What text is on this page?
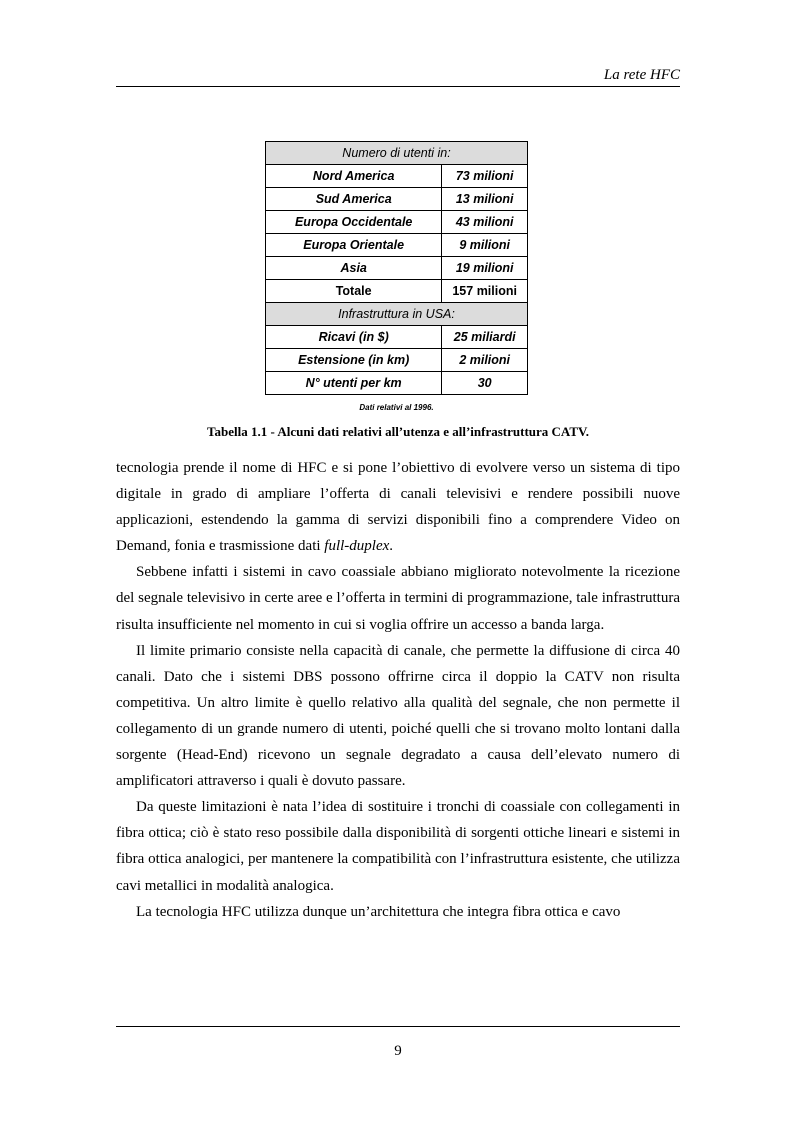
La rete HFC
Numero di utenti in:	
Nord America	73 milioni
Sud America	13 milioni
Europa Occidentale	43 milioni
Europa Orientale	9 milioni
Asia	19 milioni
Totale	157 milioni
Infrastruttura in USA:	
Ricavi (in $)	25 miliardi
Estensione (in km)	2 milioni
N° utenti per km	30
Dati relativi al 1996.
Tabella 1.1 - Alcuni dati relativi all’utenza e all’infrastruttura CATV.

tecnologia prende il nome di HFC e si pone l’obiettivo di evolvere verso un sistema di tipo digitale in grado di ampliare l’offerta di canali televisivi e rendere possibili nuove applicazioni, estendendo la gamma di servizi disponibili fino a comprendere Video on Demand, fonia e trasmissione dati full-duplex.

Sebbene infatti i sistemi in cavo coassiale abbiano migliorato notevolmente la ricezione del segnale televisivo in certe aree e l’offerta in termini di programmazione, tale infrastruttura risulta insufficiente nel momento in cui si voglia offrire un accesso a banda larga.

Il limite primario consiste nella capacità di canale, che permette la diffusione di circa 40 canali. Dato che i sistemi DBS possono offrirne circa il doppio la CATV non risulta competitiva. Un altro limite è quello relativo alla qualità del segnale, che non permette il collegamento di un grande numero di utenti, poiché quelli che si trovano molto lontani dalla sorgente (Head-End) ricevono un segnale degradato a causa dell’elevato numero di amplificatori attraverso i quali è dovuto passare.

Da queste limitazioni è nata l’idea di sostituire i tronchi di coassiale con collegamenti in fibra ottica; ciò è stato reso possibile dalla disponibilità di sorgenti ottiche lineari e sistemi in fibra ottica analogici, per mantenere la compatibilità con l’infrastruttura esistente, che utilizza cavi metallici in modalità analogica.

La tecnologia HFC utilizza dunque un’architettura che integra fibra ottica e cavo

9
